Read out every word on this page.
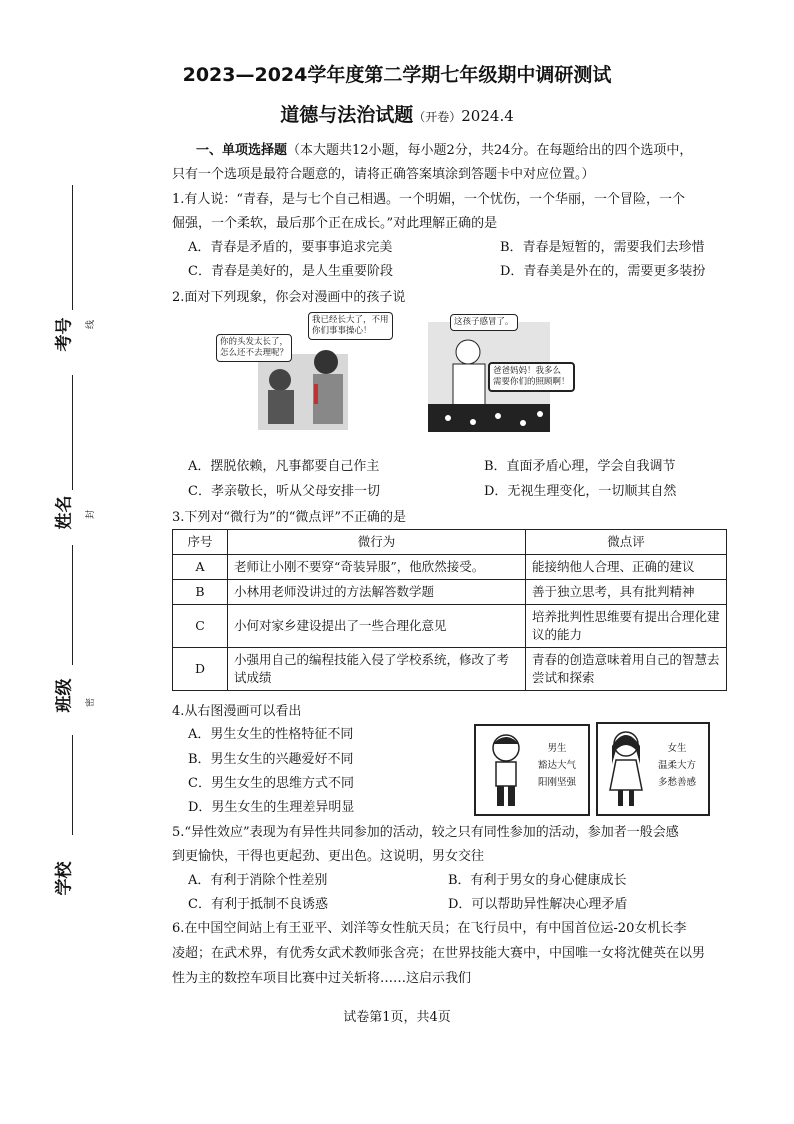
2023—2024学年度第二学期七年级期中调研测试
道德与法治试题（开卷）2024.4
考号
姓名
班级
学校
线
封
密
一、单项选择题（本大题共12小题，每小题2分，共24分。在每题给出的四个选项中，
只有一个选项是最符合题意的，请将正确答案填涂到答题卡中对应位置。）
1.有人说：“青春，是与七个自己相遇。一个明媚，一个忧伤，一个华丽，一个冒险，一个
倔强，一个柔软，最后那个正在成长。”对此理解正确的是
A．青春是矛盾的，要事事追求完美	B．青春是短暂的，需要我们去珍惜
C．青春是美好的，是人生重要阶段	D．青春美是外在的，需要更多装扮
2.面对下列现象，你会对漫画中的孩子说
你的头发太长了，
怎么还不去理呢？
我已经长大了，不用
你们事事操心！
这孩子感冒了。
爸爸妈妈！我多么
需要你们的照顾啊！
A．摆脱依赖，凡事都要自己作主	B．直面矛盾心理，学会自我调节
C．孝亲敬长，听从父母安排一切	D．无视生理变化，一切顺其自然
3.下列对“微行为”的“微点评”不正确的是
序号	微行为	微点评
A	老师让小刚不要穿“奇装异服”，他欣然接受。	能接纳他人合理、正确的建议
B	小林用老师没讲过的方法解答数学题	善于独立思考，具有批判精神
C	小何对家乡建设提出了一些合理化意见	培养批判性思维要有提出合理化建议的能力
D	小强用自己的编程技能入侵了学校系统，修改了考试成绩	青春的创造意味着用自己的智慧去尝试和探索
4.从右图漫画可以看出
A．男生女生的性格特征不同
B．男生女生的兴趣爱好不同
C．男生女生的思维方式不同
D．男生女生的生理差异明显
男生
豁达大气
阳刚坚强
女生
温柔大方
多愁善感
5.“异性效应”表现为有异性共同参加的活动，较之只有同性参加的活动，参加者一般会感
到更愉快，干得也更起劲、更出色。这说明，男女交往
A．有利于消除个性差别	B．有利于男女的身心健康成长
C．有利于抵制不良诱惑	D．可以帮助异性解决心理矛盾
6.在中国空间站上有王亚平、刘洋等女性航天员；在飞行员中，有中国首位运-20女机长李
凌超；在武术界，有优秀女武术教师张含亮；在世界技能大赛中，中国唯一女将沈健英在以男
性为主的数控车项目比赛中过关斩将……这启示我们
试卷第1页，共4页
